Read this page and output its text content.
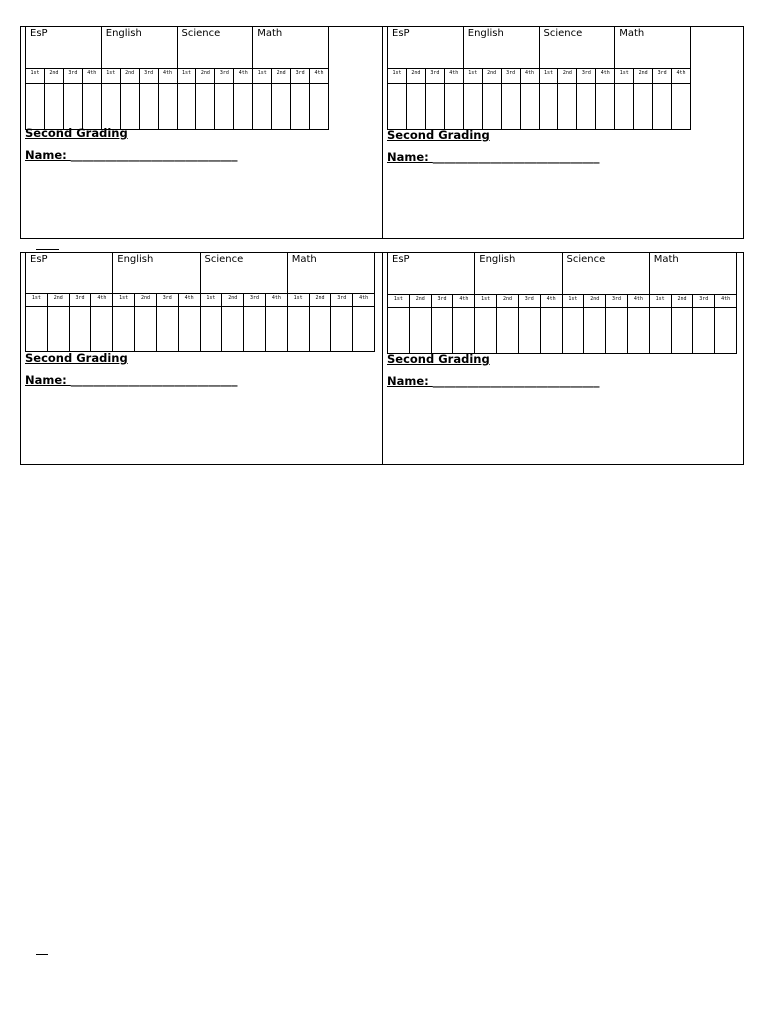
EsP				English				Science				Math			
1st	2nd	3rd	4th	1st	2nd	3rd	4th	1st	2nd	3rd	4th	1st	2nd	3rd	4th

Second Grading
Name: _____________________________
EsP				English				Science				Math			
1st	2nd	3rd	4th	1st	2nd	3rd	4th	1st	2nd	3rd	4th	1st	2nd	3rd	4th

Second Grading
Name: _____________________________
EsP				English				Science				Math			
1st	2nd	3rd	4th	1st	2nd	3rd	4th	1st	2nd	3rd	4th	1st	2nd	3rd	4th

Second Grading
Name: _____________________________
EsP				English				Science				Math			
1st	2nd	3rd	4th	1st	2nd	3rd	4th	1st	2nd	3rd	4th	1st	2nd	3rd	4th

Second Grading
Name: _____________________________
